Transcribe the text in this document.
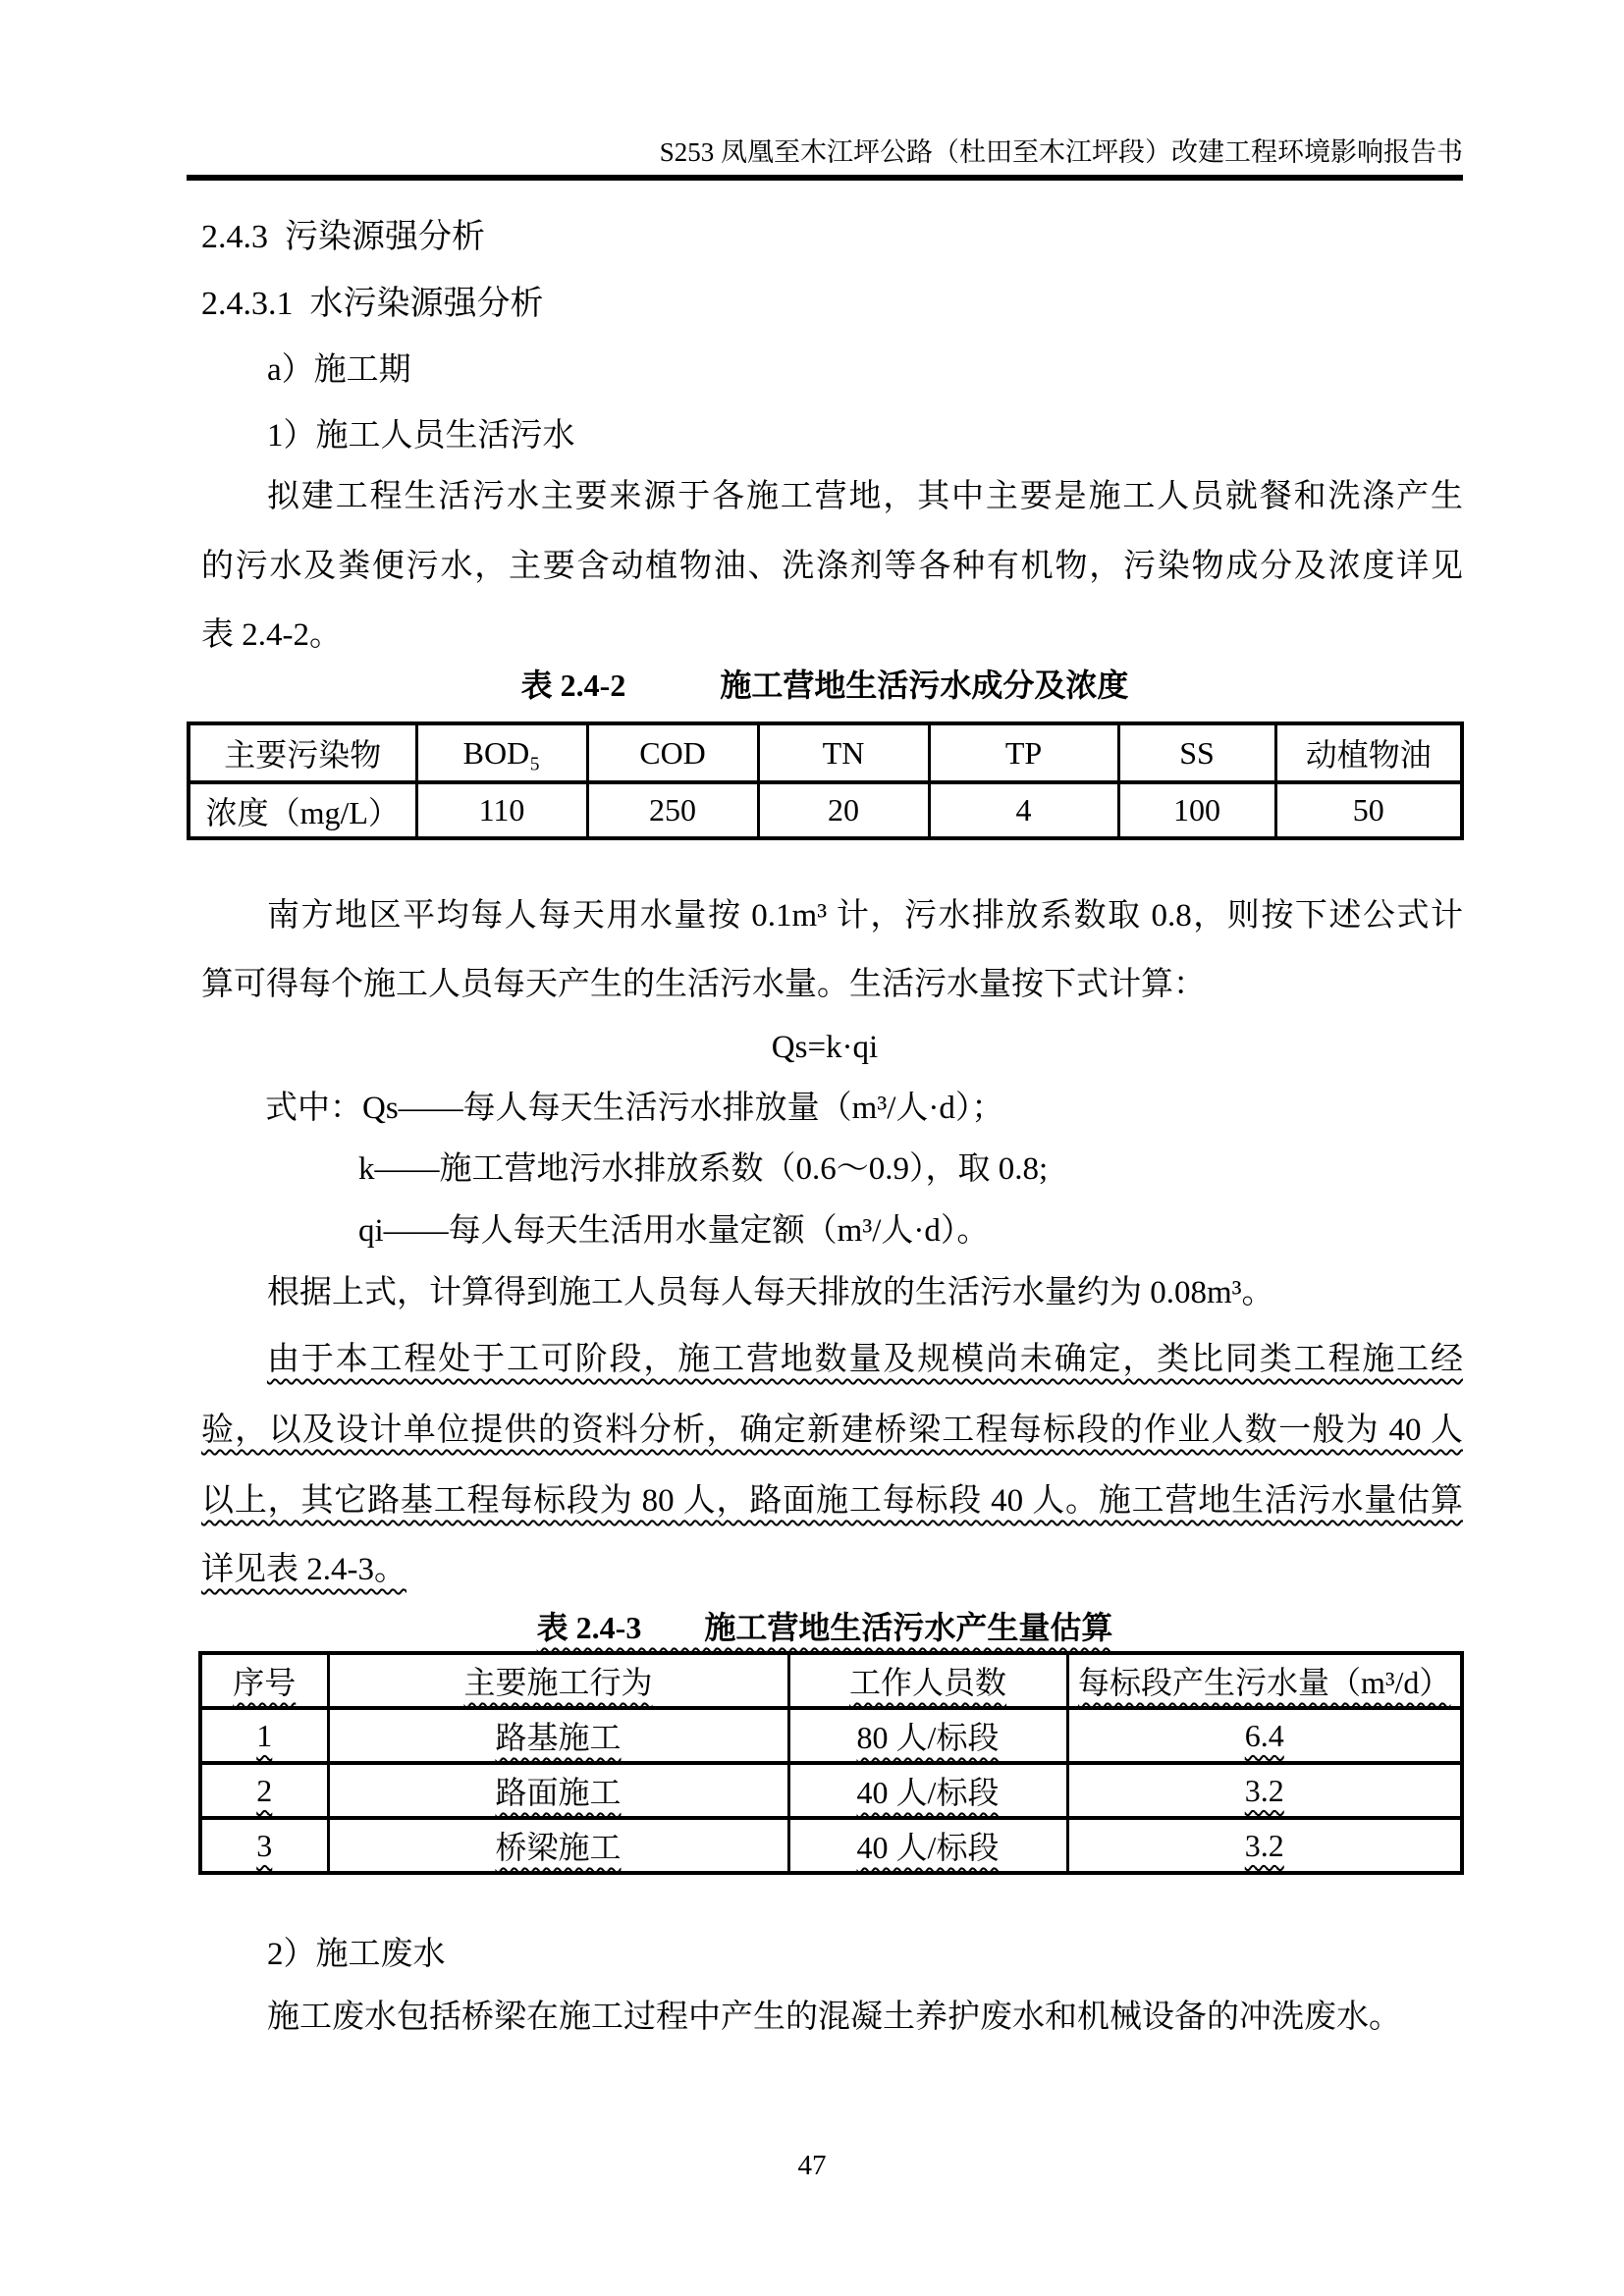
S253 凤凰至木江坪公路（杜田至木江坪段）改建工程环境影响报告书
2.4.3  污染源强分析
2.4.3.1  水污染源强分析
a）施工期
1）施工人员生活污水
拟建工程生活污水主要来源于各施工营地，其中主要是施工人员就餐和洗涤产生
的污水及粪便污水，主要含动植物油、洗涤剂等各种有机物，污染物成分及浓度详见
表 2.4-2。
表 2.4-2　　　施工营地生活污水成分及浓度
主要污染物	BOD₅	COD	TN	TP	SS	动植物油
浓度（mg/L）	110	250	20	4	100	50
南方地区平均每人每天用水量按 0.1m³ 计，污水排放系数取 0.8，则按下述公式计
算可得每个施工人员每天产生的生活污水量。生活污水量按下式计算：
Qs=k·qi
式中：Qs——每人每天生活污水排放量（m³/人·d）；
k——施工营地污水排放系数（0.6～0.9），取 0.8;
qi——每人每天生活用水量定额（m³/人·d）。
根据上式，计算得到施工人员每人每天排放的生活污水量约为 0.08m³。
由于本工程处于工可阶段，施工营地数量及规模尚未确定，类比同类工程施工经
验，以及设计单位提供的资料分析，确定新建桥梁工程每标段的作业人数一般为 40 人
以上，其它路基工程每标段为 80 人，路面施工每标段 40 人。施工营地生活污水量估算
详见表 2.4-3。
表 2.4-3　　施工营地生活污水产生量估算
序号	主要施工行为	工作人员数	每标段产生污水量（m³/d）
1	路基施工	80 人/标段	6.4
2	路面施工	40 人/标段	3.2
3	桥梁施工	40 人/标段	3.2
2）施工废水
施工废水包括桥梁在施工过程中产生的混凝土养护废水和机械设备的冲洗废水。
47
